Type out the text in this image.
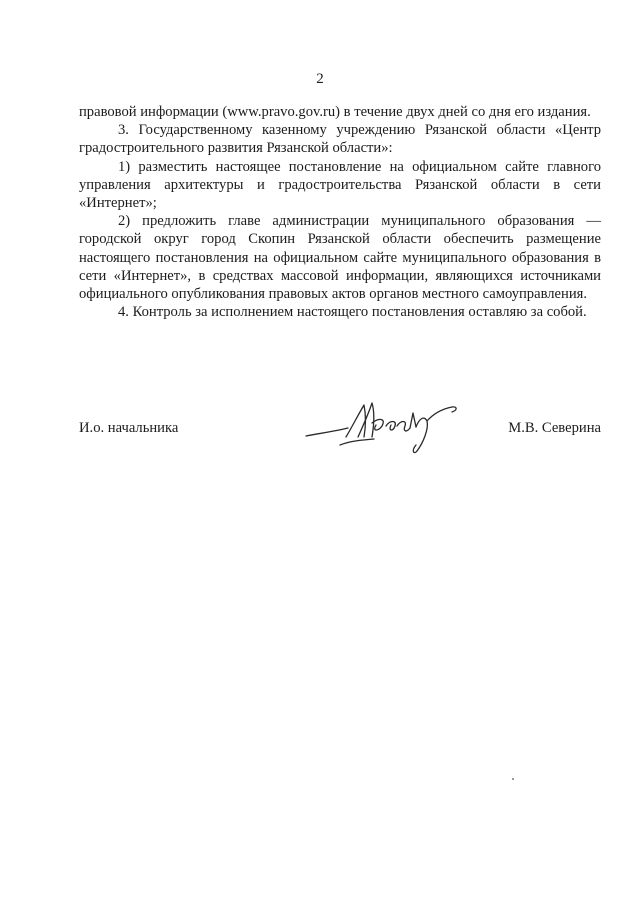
2

правовой информации (www.pravo.gov.ru) в течение двух дней со дня его издания.

3. Государственному казенному учреждению Рязанской области «Центр градостроительного развития Рязанской области»:

1) разместить настоящее постановление на официальном сайте главного управления архитектуры и градостроительства Рязанской области в сети «Интернет»;

2) предложить главе администрации муниципального образования — городской округ город Скопин Рязанской области обеспечить размещение настоящего постановления на официальном сайте муниципального образования в сети «Интернет», в средствах массовой информации, являющихся источниками официального опубликования правовых актов органов местного самоуправления.

4. Контроль за исполнением настоящего постановления оставляю за собой.

И.о. начальника	М.В. Северина
